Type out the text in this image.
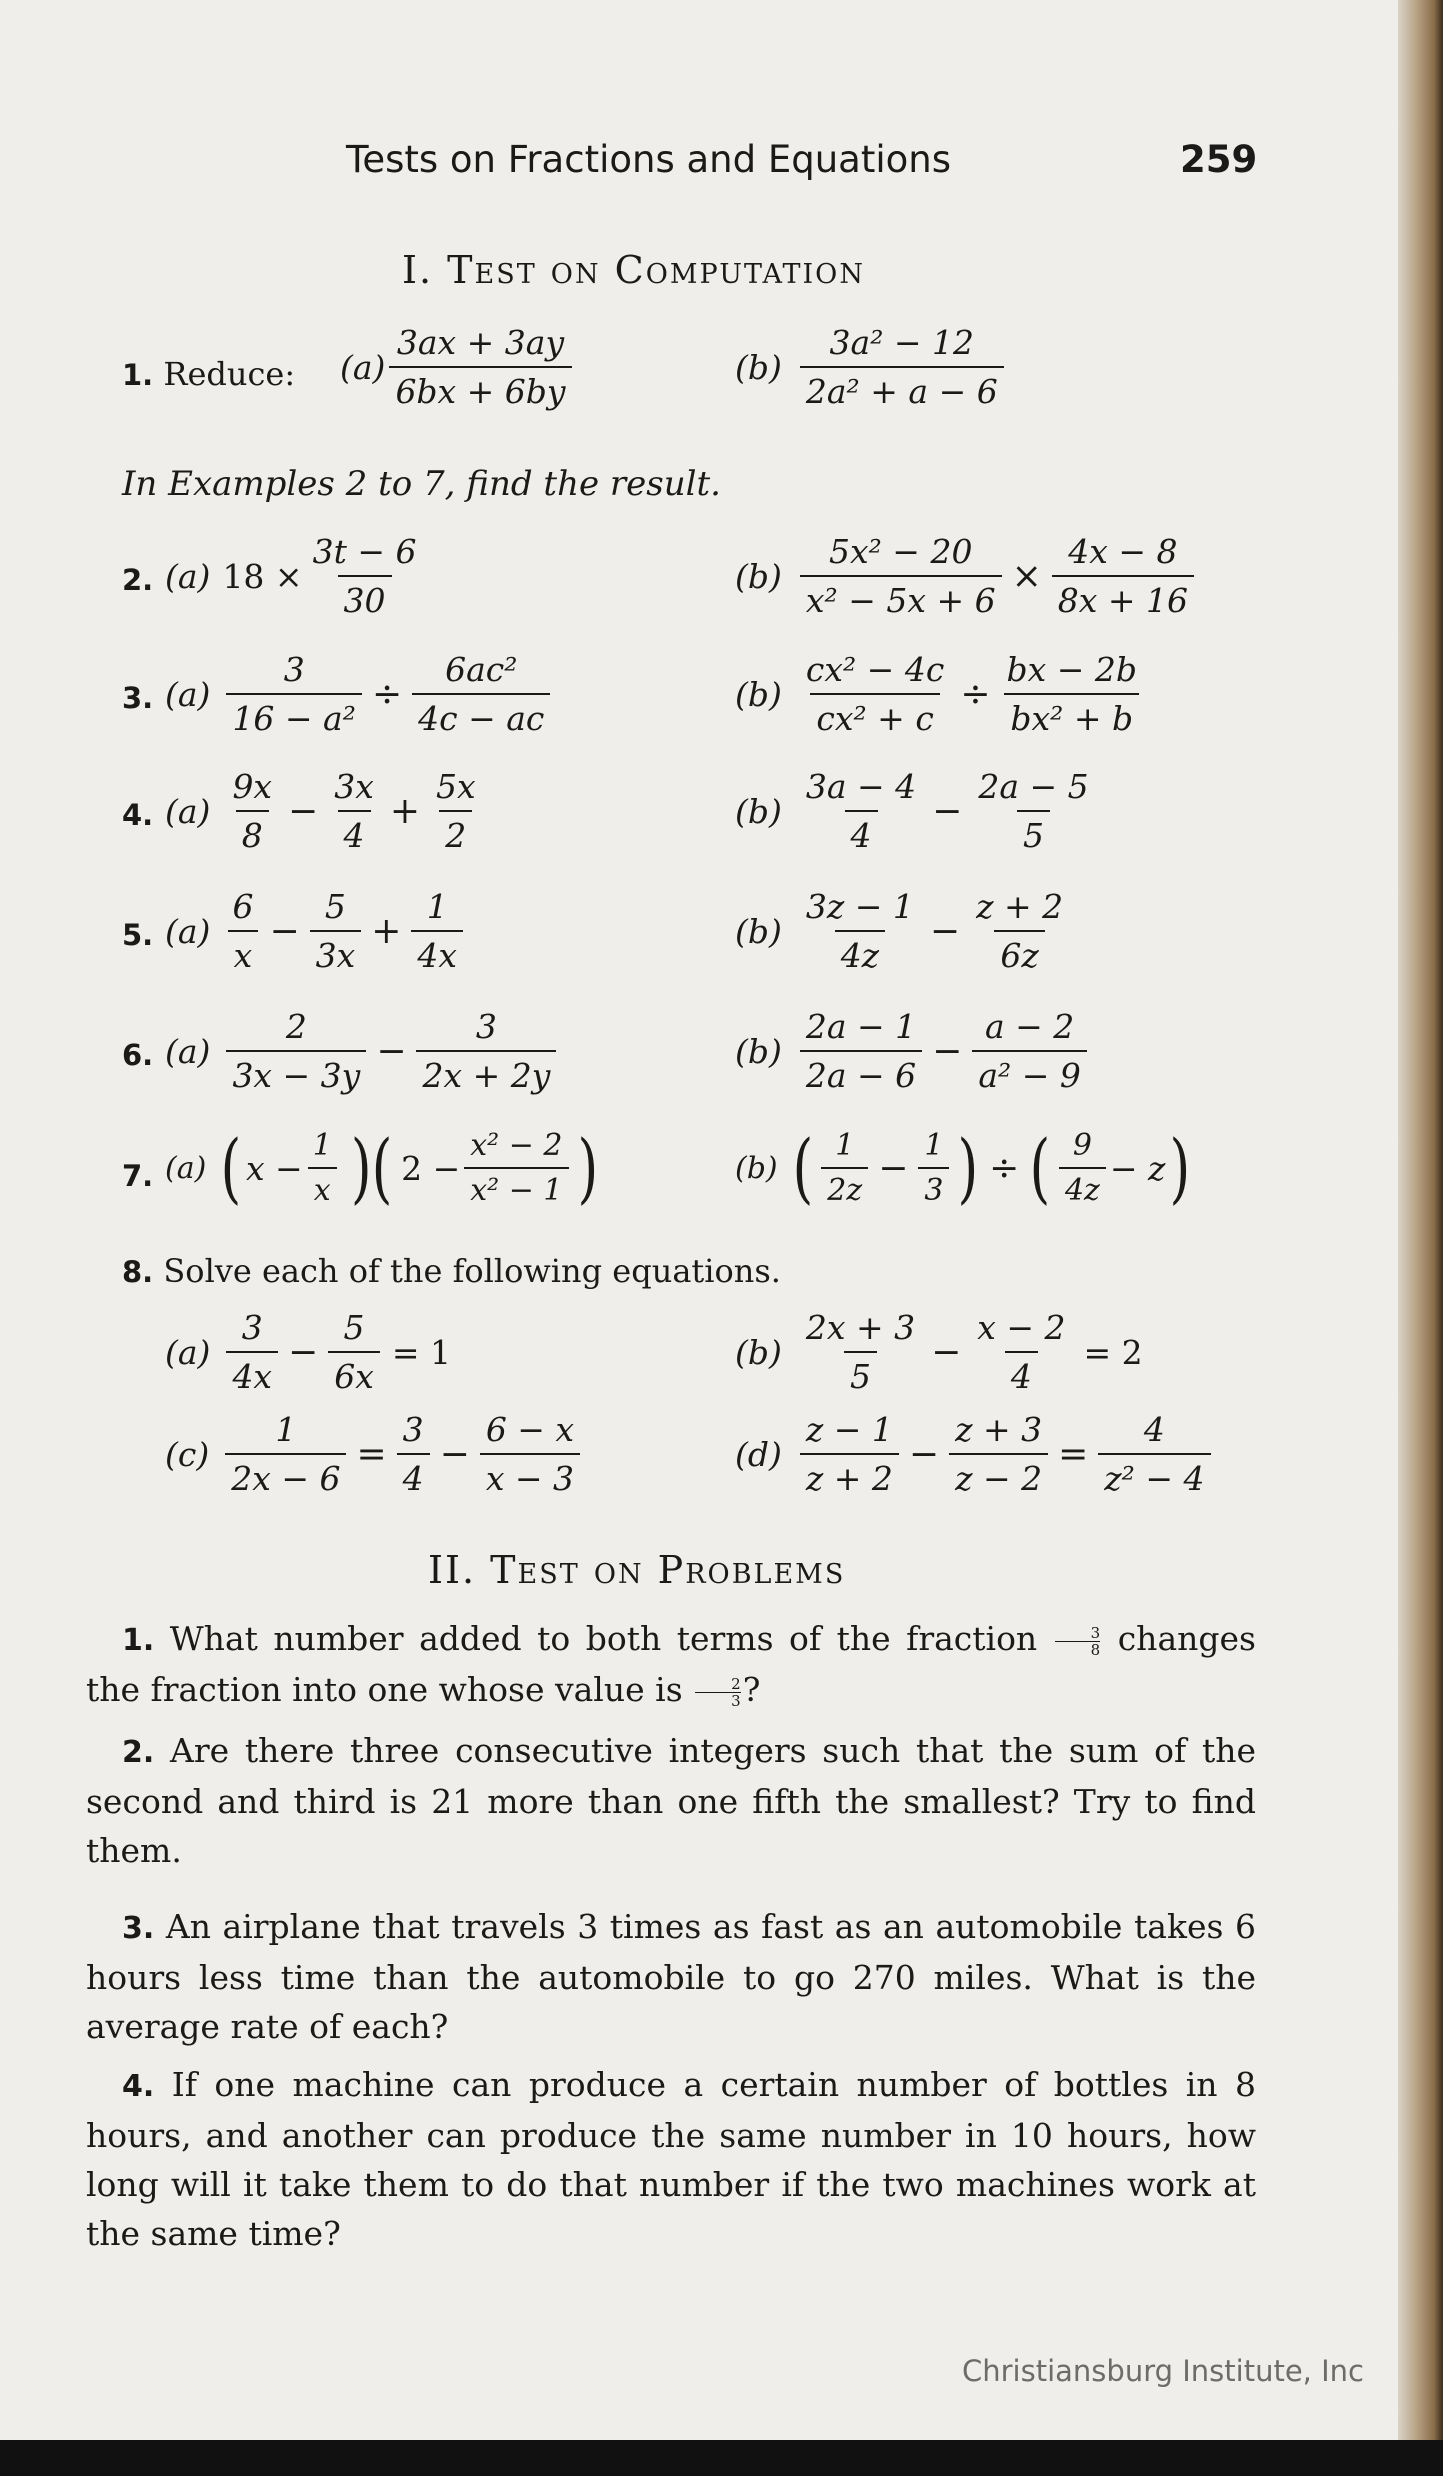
Tests on Fractions and Equations	259
I. Test on Computation
1. Reduce: $(a) \frac{3ax + 3ay}{6bx + 6by}$	$(b) \frac{\text{3a² − 12}}{\text{2a² + a − 6}}$
In Examples 2 to 7, find the result.
2. (a) $18 \times \frac{3t - 6}{30}$	$(b) \frac{\text{5x² − 20}}{\text{x² − 5x + 6}} \times \frac{4x - 8}{8x + 16}$
3. $(a) \frac{3}{\text{16 − a²}} \div \frac{\text{6ac²}}{4c - ac}$	$(b) \frac{\text{cx² − 4c}}{\text{cx² + c}} \div \frac{bx - 2b}{\text{bx² + b}}$
4. $(a) \frac{9x}{8} - \frac{3x}{4} + \frac{5x}{2}$	$(b) \frac{3a - 4}{4} - \frac{2a - 5}{5}$
5. $(a) \frac{6}{x} - \frac{5}{3x} + \frac{1}{4x}$	$(b) \frac{3z - 1}{4z} - \frac{z + 2}{6z}$
6. $(a) \frac{2}{3x - 3y} - \frac{3}{2x + 2y}$	$(b) \frac{2a - 1}{2a - 6} - \frac{a - 2}{\text{a² − 9}}$
7. (a) ( $x - \frac{1}{x}$ )( $2 - \frac{\text{x² − 2}}{\text{x² − 1}}$ )	(b) ( $\frac{1}{2z} - \frac{1}{3}$ ) ÷ ( $\frac{9}{4z} - z$ )
8. Solve each of the following equations.
$(a) \frac{3}{4x} - \frac{5}{6x} = 1$	$(b) \frac{2x + 3}{5} - \frac{x - 2}{4} = 2$
$(c) \frac{1}{2x - 6} = \frac{3}{4} - \frac{6 - x}{x - 3}$	$(d) \frac{z - 1}{z + 2} - \frac{z + 3}{z - 2} = \frac{4}{\text{z² − 4}}$
II. Test on Problems
1. What number added to both terms of the fraction $\frac{3}{8}$ changes the fraction into one whose value is $\frac{2}{3}$ ?
2. Are there three consecutive integers such that the sum of the second and third is 21 more than one fifth the smallest? Try to find them.
3. An airplane that travels 3 times as fast as an automobile takes 6 hours less time than the automobile to go 270 miles. What is the average rate of each?
4. If one machine can produce a certain number of bottles in 8 hours, and another can produce the same number in 10 hours, how long will it take them to do that number if the two machines work at the same time?
Christiansburg Institute, Inc
